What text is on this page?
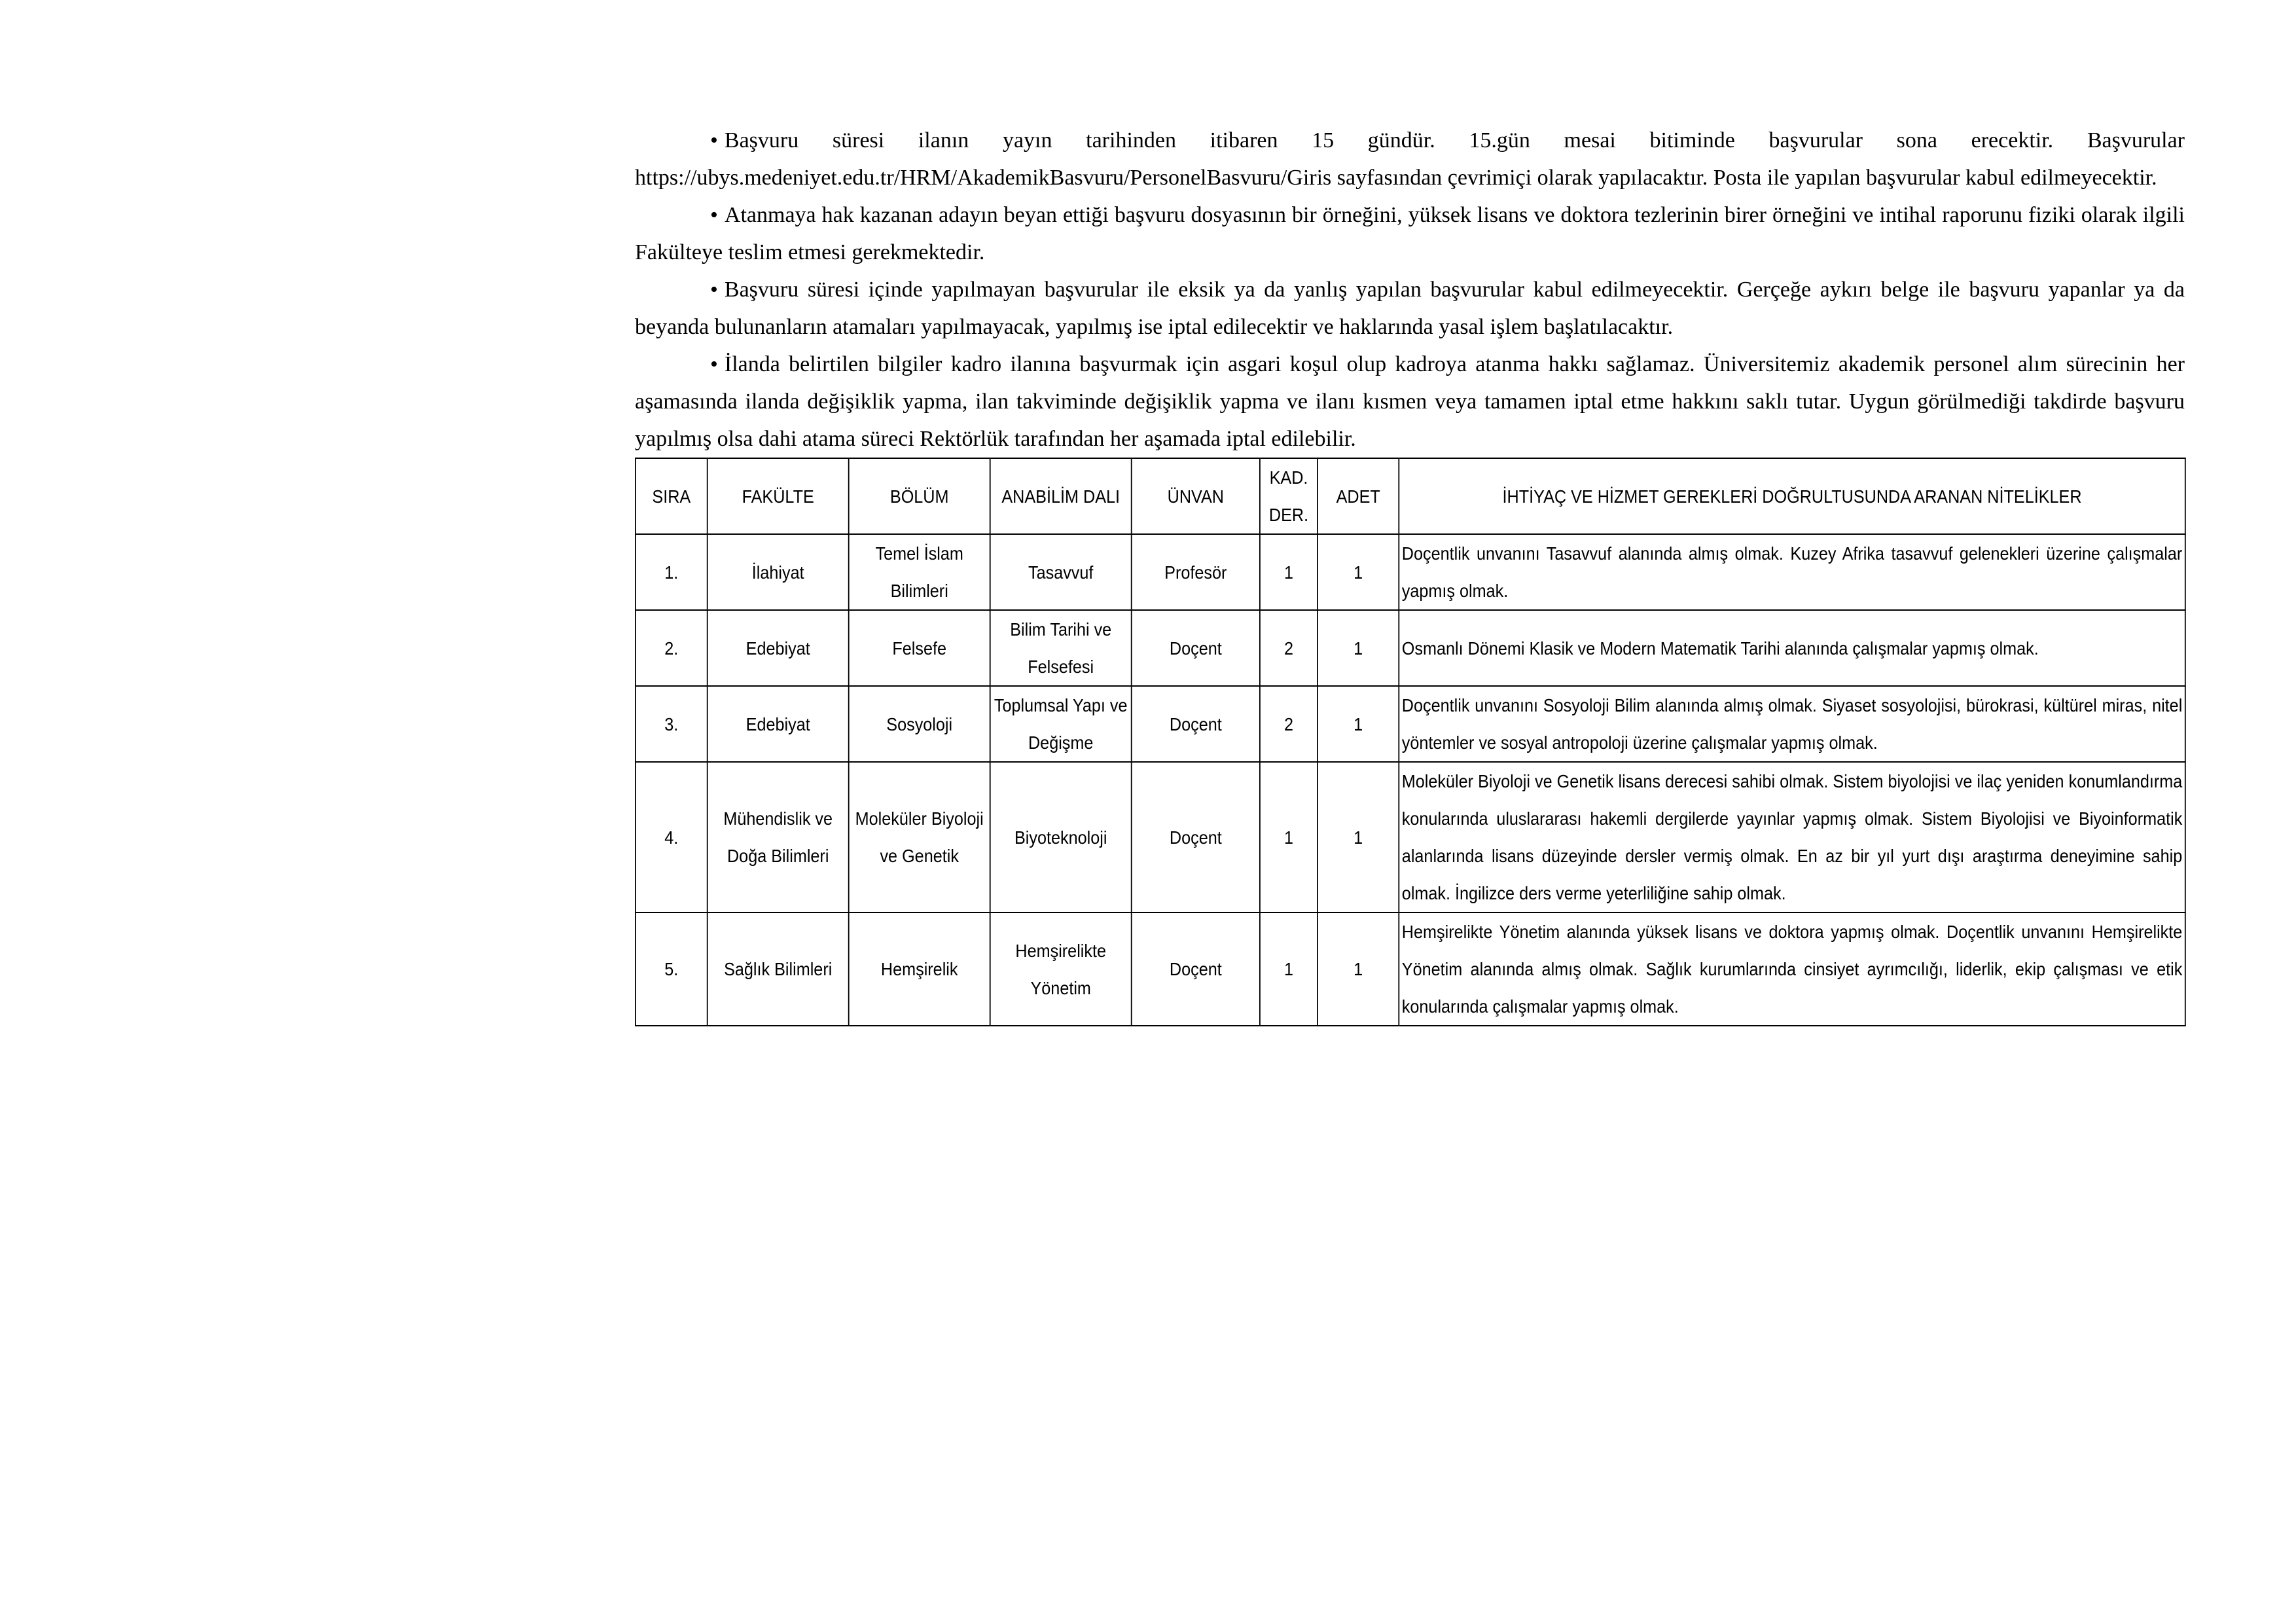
• Başvuru süresi ilanın yayın tarihinden itibaren 15 gündür. 15.gün mesai bitiminde başvurular sona erecektir. Başvurular https://ubys.medeniyet.edu.tr/HRM/AkademikBasvuru/PersonelBasvuru/Giris sayfasından çevrimiçi olarak yapılacaktır. Posta ile yapılan başvurular kabul edilmeyecektir.

• Atanmaya hak kazanan adayın beyan ettiği başvuru dosyasının bir örneğini, yüksek lisans ve doktora tezlerinin birer örneğini ve intihal raporunu fiziki olarak ilgili Fakülteye teslim etmesi gerekmektedir.

• Başvuru süresi içinde yapılmayan başvurular ile eksik ya da yanlış yapılan başvurular kabul edilmeyecektir. Gerçeğe aykırı belge ile başvuru yapanlar ya da beyanda bulunanların atamaları yapılmayacak, yapılmış ise iptal edilecektir ve haklarında yasal işlem başlatılacaktır.

• İlanda belirtilen bilgiler kadro ilanına başvurmak için asgari koşul olup kadroya atanma hakkı sağlamaz. Üniversitemiz akademik personel alım sürecinin her aşamasında ilanda değişiklik yapma, ilan takviminde değişiklik yapma ve ilanı kısmen veya tamamen iptal etme hakkını saklı tutar. Uygun görülmediği takdirde başvuru yapılmış olsa dahi atama süreci Rektörlük tarafından her aşamada iptal edilebilir.

SIRA	FAKÜLTE	BÖLÜM	ANABİLİM DALI	ÜNVAN	KAD. DER.	ADET	İHTİYAÇ VE HİZMET GEREKLERİ DOĞRULTUSUNDA ARANAN NİTELİKLER
1.	İlahiyat	Temel İslam Bilimleri	Tasavvuf	Profesör	1	1	Doçentlik unvanını Tasavvuf alanında almış olmak. Kuzey Afrika tasavvuf gelenekleri üzerine çalışmalar yapmış olmak.
2.	Edebiyat	Felsefe	Bilim Tarihi ve Felsefesi	Doçent	2	1	Osmanlı Dönemi Klasik ve Modern Matematik Tarihi alanında çalışmalar yapmış olmak.
3.	Edebiyat	Sosyoloji	Toplumsal Yapı ve Değişme	Doçent	2	1	Doçentlik unvanını Sosyoloji Bilim alanında almış olmak. Siyaset sosyolojisi, bürokrasi, kültürel miras, nitel yöntemler ve sosyal antropoloji üzerine çalışmalar yapmış olmak.
4.	Mühendislik ve Doğa Bilimleri	Moleküler Biyoloji ve Genetik	Biyoteknoloji	Doçent	1	1	Moleküler Biyoloji ve Genetik lisans derecesi sahibi olmak. Sistem biyolojisi ve ilaç yeniden konumlandırma konularında uluslararası hakemli dergilerde yayınlar yapmış olmak. Sistem Biyolojisi ve Biyoinformatik alanlarında lisans düzeyinde dersler vermiş olmak. En az bir yıl yurt dışı araştırma deneyimine sahip olmak. İngilizce ders verme yeterliliğine sahip olmak.
5.	Sağlık Bilimleri	Hemşirelik	Hemşirelikte Yönetim	Doçent	1	1	Hemşirelikte Yönetim alanında yüksek lisans ve doktora yapmış olmak. Doçentlik unvanını Hemşirelikte Yönetim alanında almış olmak. Sağlık kurumlarında cinsiyet ayrımcılığı, liderlik, ekip çalışması ve etik konularında çalışmalar yapmış olmak.
